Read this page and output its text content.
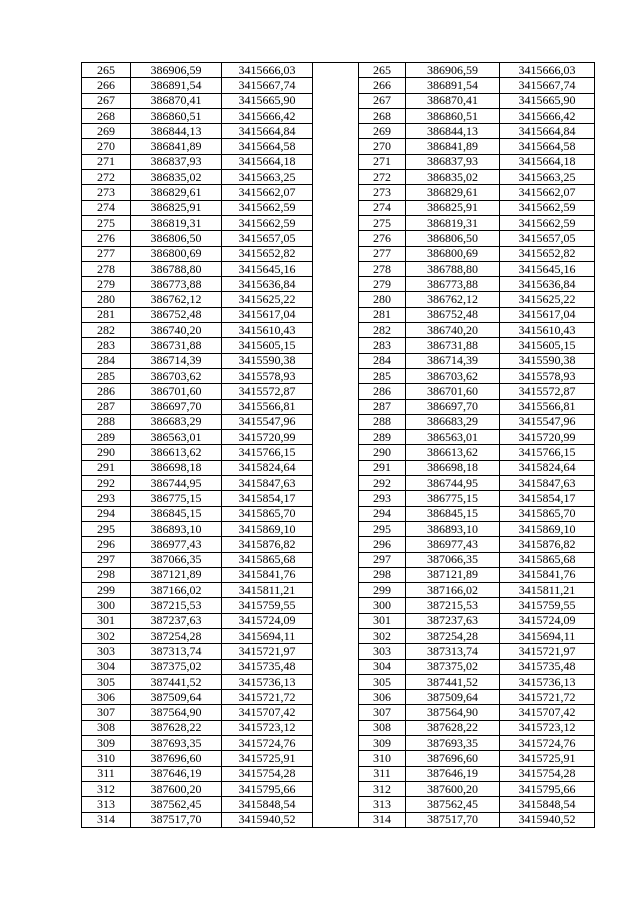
265	386906,59	3415666,03		265	386906,59	3415666,03
266	386891,54	3415667,74		266	386891,54	3415667,74
267	386870,41	3415665,90		267	386870,41	3415665,90
268	386860,51	3415666,42		268	386860,51	3415666,42
269	386844,13	3415664,84		269	386844,13	3415664,84
270	386841,89	3415664,58		270	386841,89	3415664,58
271	386837,93	3415664,18		271	386837,93	3415664,18
272	386835,02	3415663,25		272	386835,02	3415663,25
273	386829,61	3415662,07		273	386829,61	3415662,07
274	386825,91	3415662,59		274	386825,91	3415662,59
275	386819,31	3415662,59		275	386819,31	3415662,59
276	386806,50	3415657,05		276	386806,50	3415657,05
277	386800,69	3415652,82		277	386800,69	3415652,82
278	386788,80	3415645,16		278	386788,80	3415645,16
279	386773,88	3415636,84		279	386773,88	3415636,84
280	386762,12	3415625,22		280	386762,12	3415625,22
281	386752,48	3415617,04		281	386752,48	3415617,04
282	386740,20	3415610,43		282	386740,20	3415610,43
283	386731,88	3415605,15		283	386731,88	3415605,15
284	386714,39	3415590,38		284	386714,39	3415590,38
285	386703,62	3415578,93		285	386703,62	3415578,93
286	386701,60	3415572,87		286	386701,60	3415572,87
287	386697,70	3415566,81		287	386697,70	3415566,81
288	386683,29	3415547,96		288	386683,29	3415547,96
289	386563,01	3415720,99		289	386563,01	3415720,99
290	386613,62	3415766,15		290	386613,62	3415766,15
291	386698,18	3415824,64		291	386698,18	3415824,64
292	386744,95	3415847,63		292	386744,95	3415847,63
293	386775,15	3415854,17		293	386775,15	3415854,17
294	386845,15	3415865,70		294	386845,15	3415865,70
295	386893,10	3415869,10		295	386893,10	3415869,10
296	386977,43	3415876,82		296	386977,43	3415876,82
297	387066,35	3415865,68		297	387066,35	3415865,68
298	387121,89	3415841,76		298	387121,89	3415841,76
299	387166,02	3415811,21		299	387166,02	3415811,21
300	387215,53	3415759,55		300	387215,53	3415759,55
301	387237,63	3415724,09		301	387237,63	3415724,09
302	387254,28	3415694,11		302	387254,28	3415694,11
303	387313,74	3415721,97		303	387313,74	3415721,97
304	387375,02	3415735,48		304	387375,02	3415735,48
305	387441,52	3415736,13		305	387441,52	3415736,13
306	387509,64	3415721,72		306	387509,64	3415721,72
307	387564,90	3415707,42		307	387564,90	3415707,42
308	387628,22	3415723,12		308	387628,22	3415723,12
309	387693,35	3415724,76		309	387693,35	3415724,76
310	387696,60	3415725,91		310	387696,60	3415725,91
311	387646,19	3415754,28		311	387646,19	3415754,28
312	387600,20	3415795,66		312	387600,20	3415795,66
313	387562,45	3415848,54		313	387562,45	3415848,54
314	387517,70	3415940,52		314	387517,70	3415940,52
